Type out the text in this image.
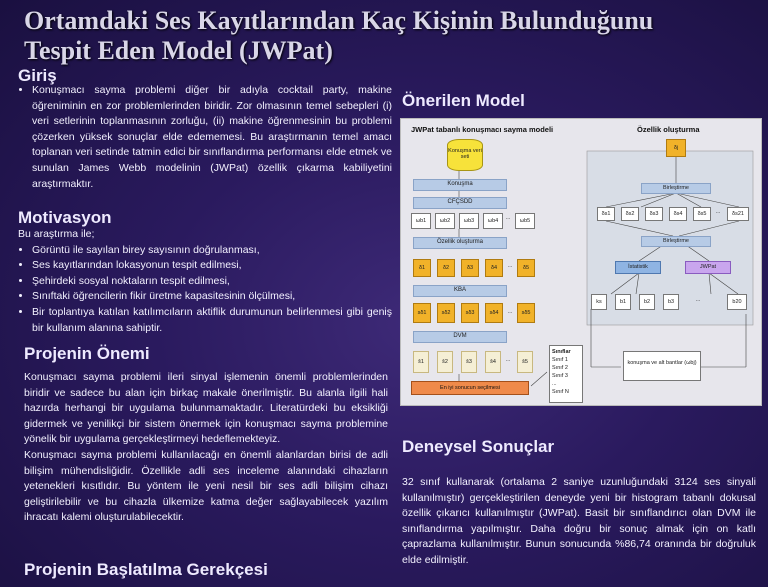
Ortamdaki Ses Kayıtlarından Kaç Kişinin Bulunduğunu Tespit Eden Model (JWPat)
Giriş
• Konuşmacı sayma problemi diğer bir adıyla cocktail party, makine öğreniminin en zor problemlerinden biridir. Zor olmasının temel sebepleri (i) veri setlerinin toplanmasının zorluğu, (ii) makine öğrenmesinin bu problemi çözerken yüksek sonuçlar elde edememesi. Bu araştırmanın temel amacı toplanan veri setinde tatmin edici bir sınıflandırma performansı elde etmek ve sunulan James Webb modelinin (JWPat) özellik çıkarma kabiliyetini araştırmaktır.
Motivasyon
Bu araştırma ile;
• Görüntü ile sayılan birey sayısının doğrulanması,
• Ses kayıtlarından lokasyonun tespit edilmesi,
• Şehirdeki sosyal noktaların tespit edilmesi,
• Sınıftaki öğrencilerin fikir üretme kapasitesinin ölçülmesi,
• Bir toplantıya katılan katılımcıların aktiflik durumunun belirlenmesi gibi geniş bir kullanım alanına sahiptir.
Projenin Önemi

Konuşmacı sayma problemi ileri sinyal işlemenin önemli problemlerinden biridir ve sadece bu alan için birkaç makale önerilmiştir. Bu alanla ilgili hali hazırda herhangi bir uygulama bulunmamaktadır. Literatürdeki bu eksikliği gidermek ve yenilikçi bir sistem önermek için konuşmacı sayma problemine yönelik bir uygulama gerçekleştirmeyi hedeflemekteyiz.

Konuşmacı sayma problemi kullanılacağı en önemli alanlardan birisi de adli bilişim mühendisliğidir. Özellikle adli ses inceleme alanındaki cihazların yetenekleri kısıtlıdır. Bu yöntem ile yeni nesil bir ses adli bilişim cihazı geliştirilebilir ve bu cihazla ülkemize katma değer sağlayabilecek yazılım ihracatı kalemi oluşturulabilecektir.

Projenin Başlatılma Gerekçesi
Önerilen Model
JWPat tabanlı konuşmacı sayma modeli	Özellik oluşturma
Konuşma veri seti
Konuşma
CFÇSDD
ωb1	ωb2	ωb3	ωb4	...	ωb5
Özellik oluşturma
δ1	δ2	δ3	δ4	...	δ5
KBA
sδ1	sδ2	sδ3	sδ4	...	sδ5
DVM
ŝ1	ŝ2	ŝ3	ŝ4	...	ŝ5
En iyi sonucun seçilmesi
Sınıflar
Sınıf 1
Sınıf 2
Sınıf 3
...
Sınıf N
δj
Birleştirme
δs1	δs2	δs3	δs4	δs5	...	δs21
Birleştirme
İstatistik	JWPat
ks	b1	b2	b3	...	b20
konuşma ve alt bantlar (ωbj)
Deneysel Sonuçlar
32 sınıf kullanarak (ortalama 2 saniye uzunluğundaki 3124 ses sinyali kullanılmıştır) gerçekleştirilen deneyde yeni bir histogram tabanlı dokusal özellik çıkarıcı kullanılmıştır (JWPat). Basit bir sınıflandırıcı olan DVM ile sınıflandırma yapılmıştır. Daha doğru bir sonuç almak için on katlı çaprazlama kullanılmıştır. Bunun sonucunda %86,74 oranında bir doğruluk elde edilmiştir.
